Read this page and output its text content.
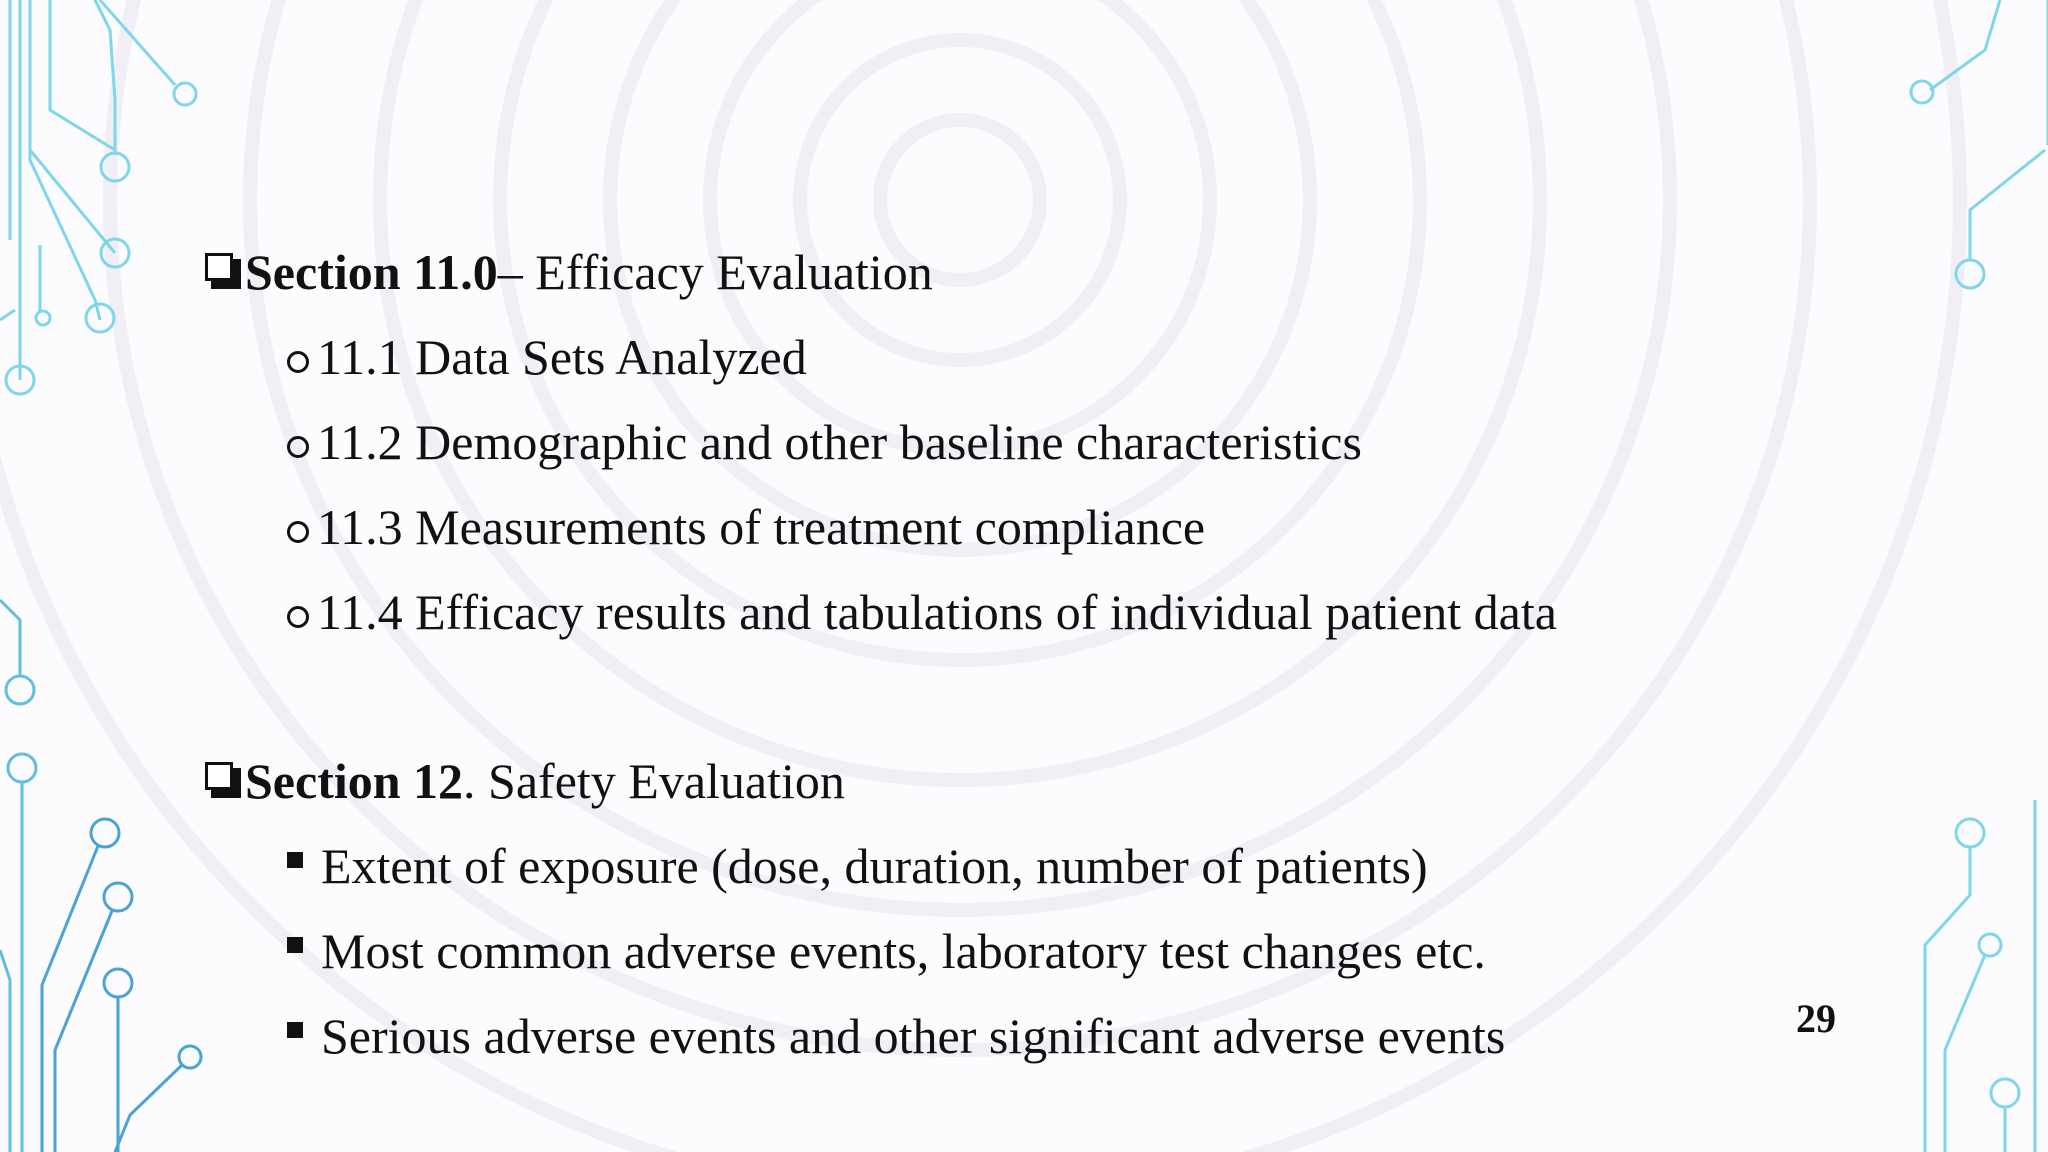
Section 11.0 – Efficacy Evaluation
11.1 Data Sets Analyzed
11.2 Demographic and other baseline characteristics
11.3 Measurements of treatment compliance
11.4 Efficacy results and tabulations of individual patient data
Section 12 . Safety Evaluation
Extent of exposure (dose, duration, number of patients)
Most common adverse events, laboratory test changes etc.
Serious adverse events and other significant adverse events	29
